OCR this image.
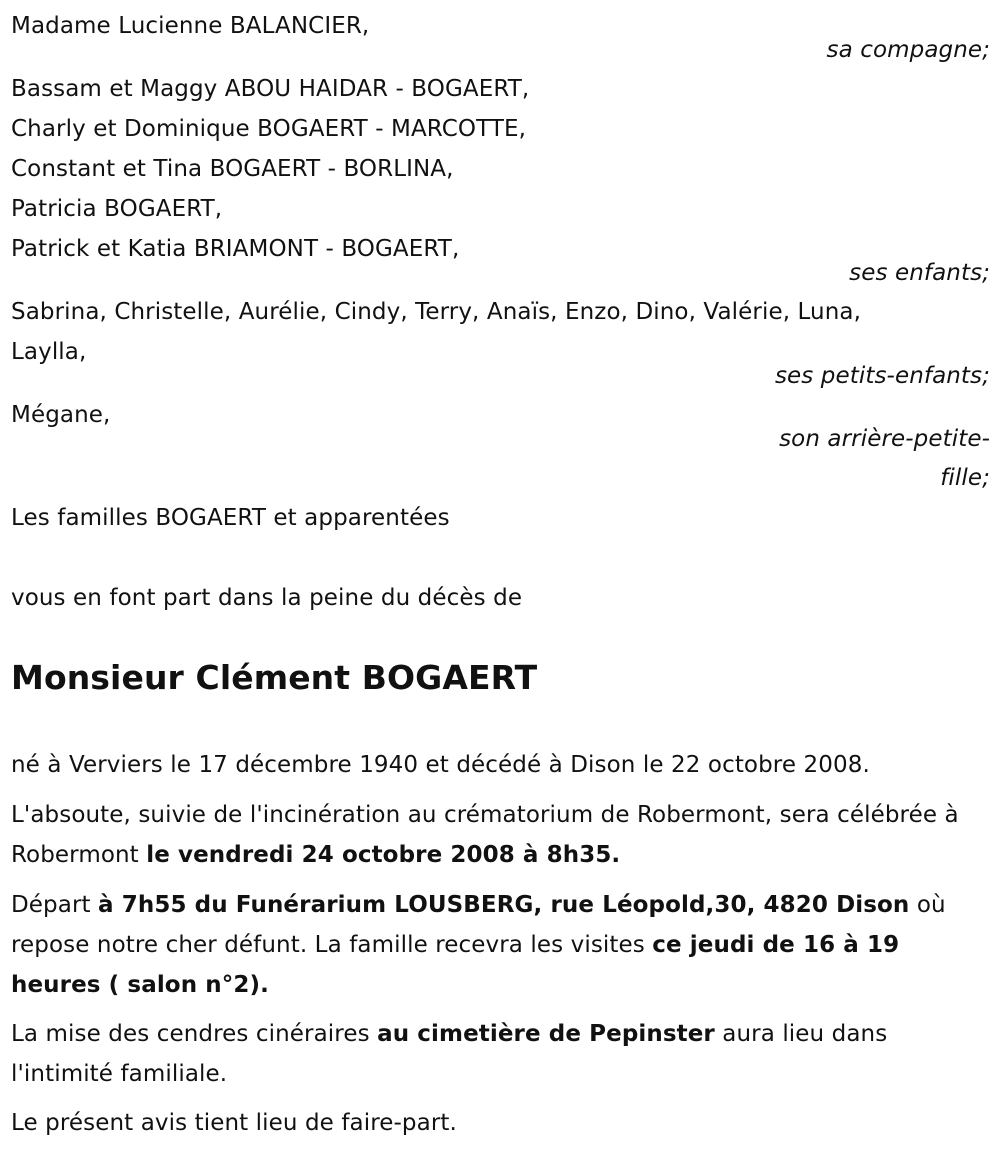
Madame Lucienne BALANCIER,
sa compagne;
Bassam et Maggy ABOU HAIDAR - BOGAERT,
Charly et Dominique BOGAERT - MARCOTTE,
Constant et Tina BOGAERT - BORLINA,
Patricia BOGAERT,
Patrick et Katia BRIAMONT - BOGAERT,
ses enfants;
Sabrina, Christelle, Aurélie, Cindy, Terry, Anaïs, Enzo, Dino, Valérie, Luna,
Laylla,
ses petits-enfants;
Mégane,
son arrière-petite-
fille;
Les familles BOGAERT et apparentées
vous en font part dans la peine du décès de
Monsieur Clément BOGAERT
né à Verviers le 17 décembre 1940 et décédé à Dison le 22 octobre 2008.
L'absoute, suivie de l'incinération au crématorium de Robermont, sera célébrée à Robermont le vendredi 24 octobre 2008 à 8h35.
Départ à 7h55 du Funérarium LOUSBERG, rue Léopold,30, 4820 Dison où repose notre cher défunt. La famille recevra les visites ce jeudi de 16 à 19 heures ( salon n°2).
La mise des cendres cinéraires au cimetière de Pepinster aura lieu dans l'intimité familiale.
Le présent avis tient lieu de faire-part.
